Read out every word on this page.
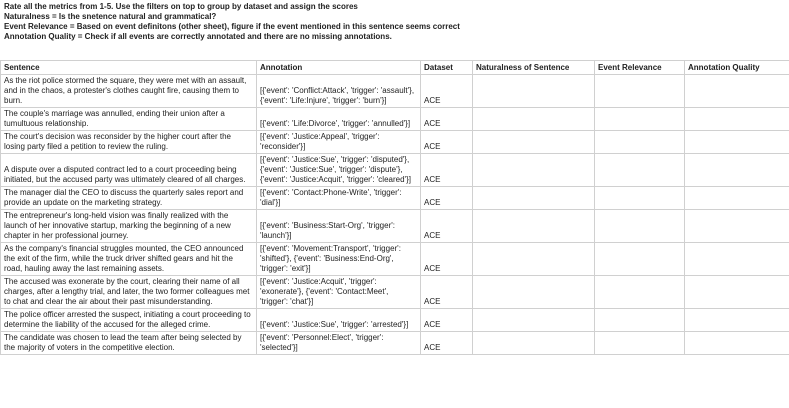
Rate all the metrics from 1-5. Use the filters on top to group by dataset and assign the scores
Naturalness = Is the snetence natural and grammatical?
Event Relevance = Based on event definitons (other sheet), figure if the event mentioned in this sentence seems correct
Annotation Quality = Check if all events are correctly annotated and there are no missing annotations.
Sentence	Annotation	Dataset	Naturalness of Sentence	Event Relevance	Annotation Quality
As the riot police stormed the square, they were met with an assault, and in the chaos, a protester's clothes caught fire, causing them to burn.	[{'event': 'Conflict:Attack', 'trigger': 'assault'}, {'event': 'Life:Injure', 'trigger': 'burn'}]	ACE			
The couple's marriage was annulled, ending their union after a tumultuous relationship.	[{'event': 'Life:Divorce', 'trigger': 'annulled'}]	ACE			
The court's decision was reconsider by the higher court after the losing party filed a petition to review the ruling.	[{'event': 'Justice:Appeal', 'trigger': 'reconsider'}]	ACE			
A dispute over a disputed contract led to a court proceeding being initiated, but the accused party was ultimately cleared of all charges.	[{'event': 'Justice:Sue', 'trigger': 'disputed'}, {'event': 'Justice:Sue', 'trigger': 'dispute'}, {'event': 'Justice:Acquit', 'trigger': 'cleared'}]	ACE			
The manager dial the CEO to discuss the quarterly sales report and provide an update on the marketing strategy.	[{'event': 'Contact:Phone-Write', 'trigger': 'dial'}]	ACE			
The entrepreneur's long-held vision was finally realized with the launch of her innovative startup, marking the beginning of a new chapter in her professional journey.	[{'event': 'Business:Start-Org', 'trigger': 'launch'}]	ACE			
As the company's financial struggles mounted, the CEO announced the exit of the firm, while the truck driver shifted gears and hit the road, hauling away the last remaining assets.	[{'event': 'Movement:Transport', 'trigger': 'shifted'}, {'event': 'Business:End-Org', 'trigger': 'exit'}]	ACE			
The accused was exonerate by the court, clearing their name of all charges, after a lengthy trial, and later, the two former colleagues met to chat and clear the air about their past misunderstanding.	[{'event': 'Justice:Acquit', 'trigger': 'exonerate'}, {'event': 'Contact:Meet', 'trigger': 'chat'}]	ACE			
The police officer arrested the suspect, initiating a court proceeding to determine the liability of the accused for the alleged crime.	[{'event': 'Justice:Sue', 'trigger': 'arrested'}]	ACE			
The candidate was chosen to lead the team after being selected by the majority of voters in the competitive election.	[{'event': 'Personnel:Elect', 'trigger': 'selected'}]	ACE			
